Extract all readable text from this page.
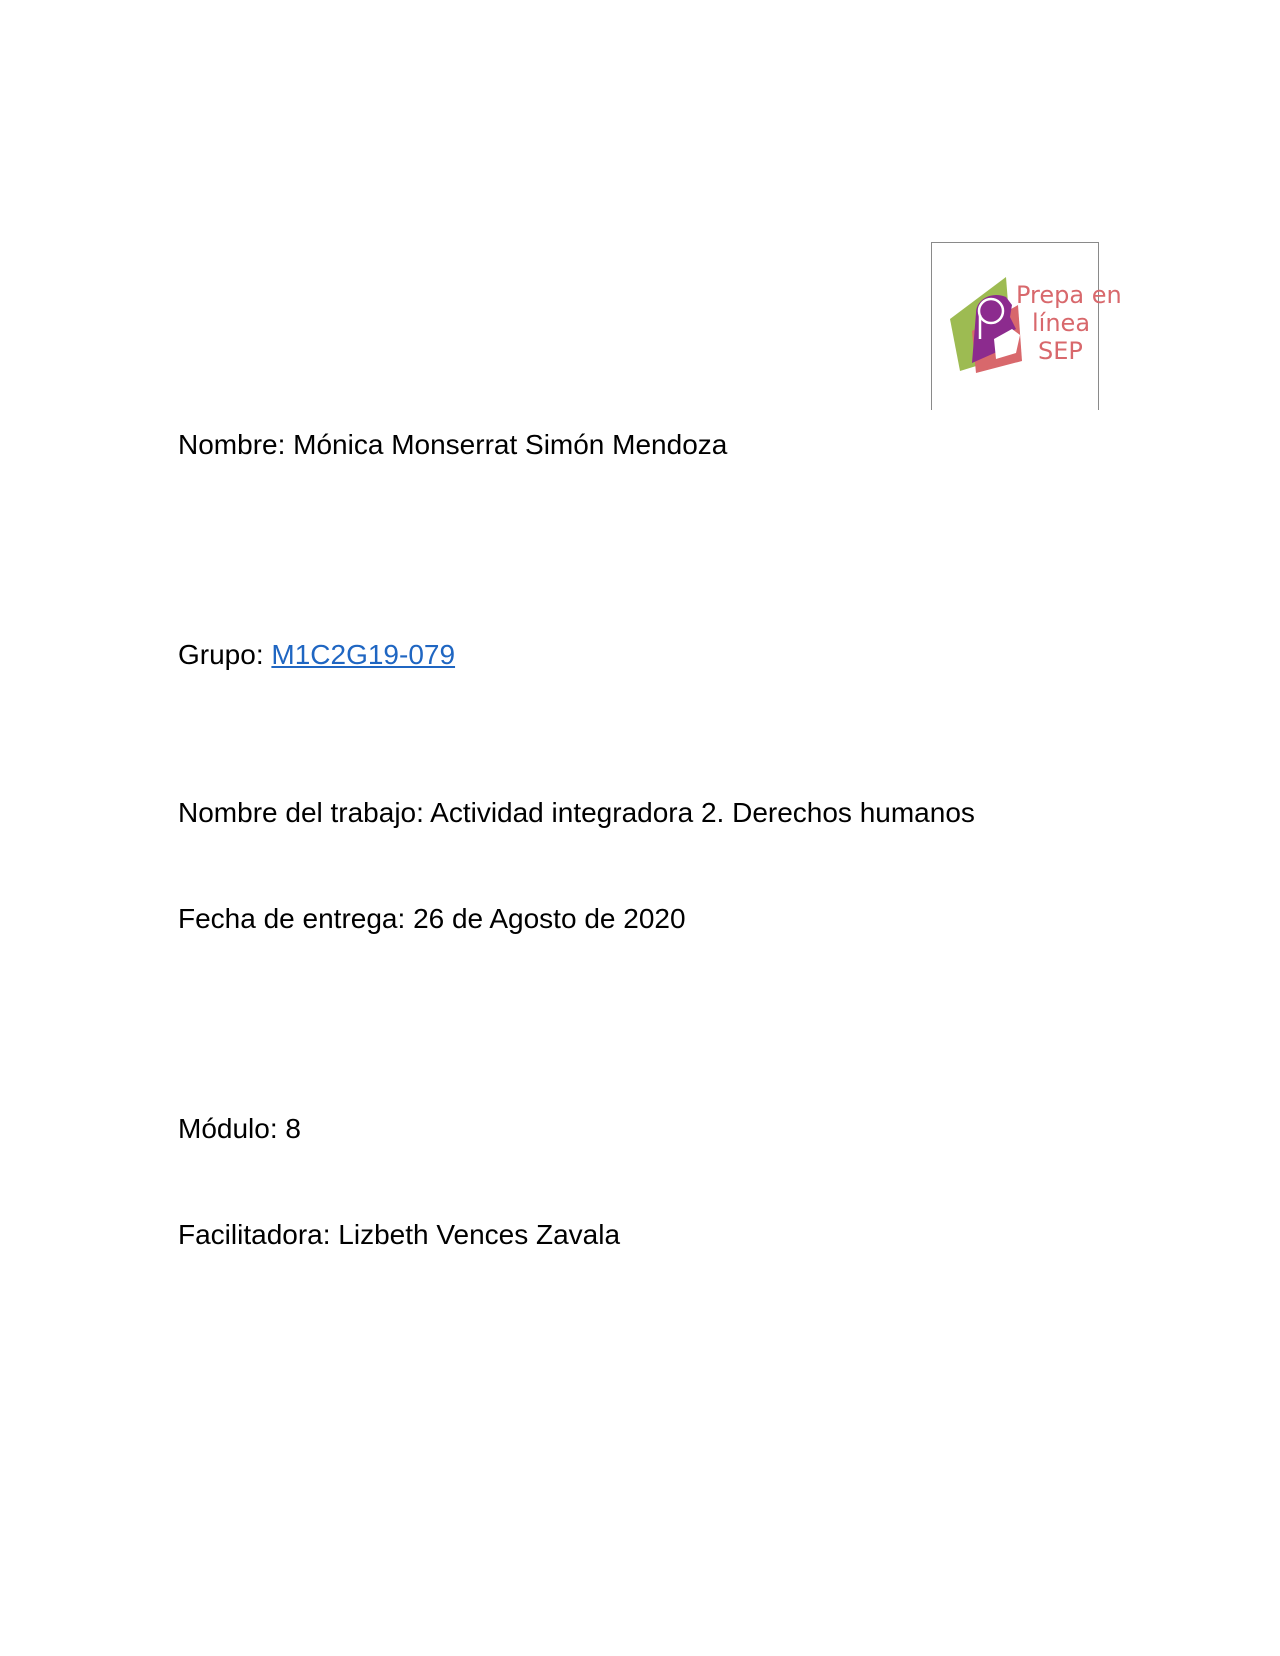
Prepa en
línea
SEP
Nombre: Mónica Monserrat Simón Mendoza
Grupo: M1C2G19-079
Nombre del trabajo: Actividad integradora 2. Derechos humanos
Fecha de entrega: 26 de Agosto de 2020
Módulo: 8
Facilitadora: Lizbeth Vences Zavala
